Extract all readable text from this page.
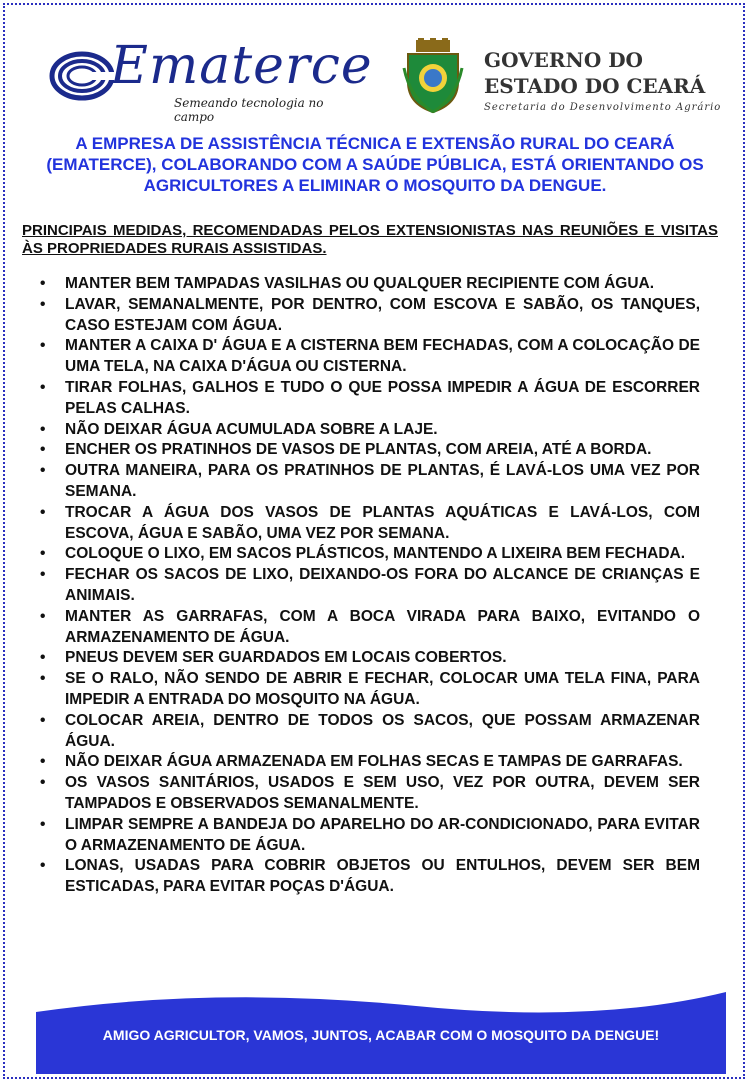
Ematerce
Semeando tecnologia no campo
GOVERNO DO
ESTADO DO CEARÁ
Secretaria do Desenvolvimento Agrário
A EMPRESA DE ASSISTÊNCIA TÉCNICA E EXTENSÃO RURAL DO CEARÁ (EMATERCE), COLABORANDO COM A SAÚDE PÚBLICA, ESTÁ ORIENTANDO OS AGRICULTORES A ELIMINAR O MOSQUITO DA DENGUE.
PRINCIPAIS MEDIDAS, RECOMENDADAS PELOS EXTENSIONISTAS NAS REUNIÕES E VISITAS ÀS PROPRIEDADES RURAIS ASSISTIDAS.
• MANTER BEM TAMPADAS VASILHAS OU QUALQUER RECIPIENTE COM ÁGUA.
• LAVAR, SEMANALMENTE, POR DENTRO, COM ESCOVA E SABÃO, OS TANQUES, CASO ESTEJAM COM ÁGUA.
• MANTER A CAIXA D' ÁGUA E A CISTERNA BEM FECHADAS, COM A COLOCAÇÃO DE UMA TELA, NA CAIXA D'ÁGUA OU CISTERNA.
• TIRAR FOLHAS, GALHOS E TUDO O QUE POSSA IMPEDIR A ÁGUA DE ESCORRER PELAS CALHAS.
• NÃO DEIXAR ÁGUA ACUMULADA SOBRE A LAJE.
• ENCHER OS PRATINHOS DE VASOS DE PLANTAS, COM AREIA, ATÉ A BORDA.
• OUTRA MANEIRA, PARA OS PRATINHOS DE PLANTAS, É LAVÁ-LOS UMA VEZ POR SEMANA.
• TROCAR A ÁGUA DOS VASOS DE PLANTAS AQUÁTICAS E LAVÁ-LOS, COM ESCOVA, ÁGUA E SABÃO, UMA VEZ POR SEMANA.
• COLOQUE O LIXO, EM SACOS PLÁSTICOS, MANTENDO A LIXEIRA BEM FECHADA.
• FECHAR OS SACOS DE LIXO, DEIXANDO-OS FORA DO ALCANCE DE CRIANÇAS E ANIMAIS.
• MANTER AS GARRAFAS, COM A BOCA VIRADA PARA BAIXO, EVITANDO O ARMAZENAMENTO DE ÁGUA.
• PNEUS DEVEM SER GUARDADOS EM LOCAIS COBERTOS.
• SE O RALO, NÃO SENDO DE ABRIR E FECHAR, COLOCAR UMA TELA FINA, PARA IMPEDIR A ENTRADA DO MOSQUITO NA ÁGUA.
• COLOCAR AREIA, DENTRO DE TODOS OS SACOS, QUE POSSAM ARMAZENAR ÁGUA.
• NÃO DEIXAR ÁGUA ARMAZENADA EM FOLHAS SECAS E TAMPAS DE GARRAFAS.
• OS VASOS SANITÁRIOS, USADOS E SEM USO, VEZ POR OUTRA, DEVEM SER TAMPADOS E OBSERVADOS SEMANALMENTE.
• LIMPAR SEMPRE A BANDEJA DO APARELHO DO AR-CONDICIONADO, PARA EVITAR O ARMAZENAMENTO DE ÁGUA.
• LONAS, USADAS PARA COBRIR OBJETOS OU ENTULHOS, DEVEM SER BEM ESTICADAS, PARA EVITAR POÇAS D'ÁGUA.
AMIGO AGRICULTOR, VAMOS, JUNTOS, ACABAR COM O MOSQUITO DA DENGUE!
